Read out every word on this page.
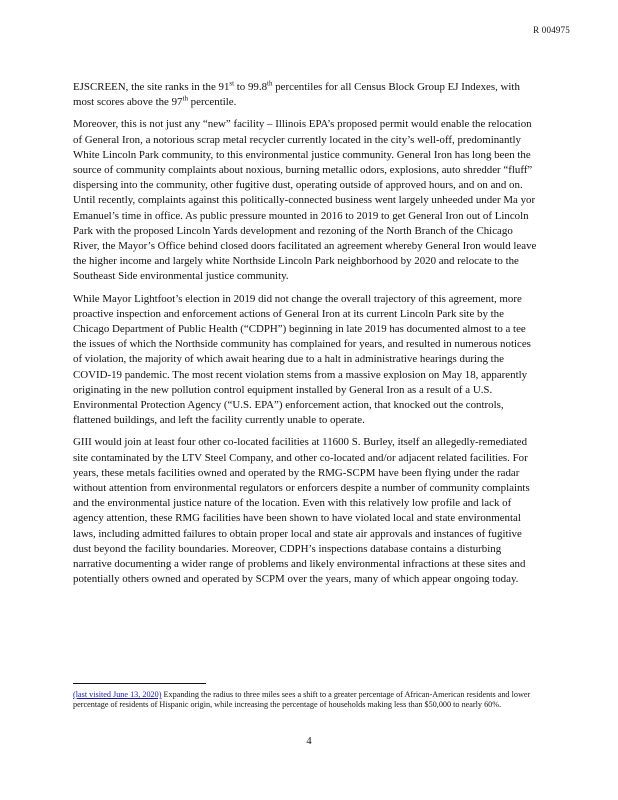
R 004975

EJSCREEN, the site ranks in the 91st to 99.8th percentiles for all Census Block Group EJ Indexes, with most scores above the 97th percentile.

Moreover, this is not just any “new” facility – Illinois EPA’s proposed permit would enable the relocation of General Iron, a notorious scrap metal recycler currently located in the city’s well-off, predominantly White Lincoln Park community, to this environmental justice community. General Iron has long been the source of community complaints about noxious, burning metallic odors, explosions, auto shredder “fluff” dispersing into the community, other fugitive dust, operating outside of approved hours, and on and on. Until recently, complaints against this politically-connected business went largely unheeded under Ma yor Emanuel’s time in office. As public pressure mounted in 2016 to 2019 to get General Iron out of Lincoln Park with the proposed Lincoln Yards development and rezoning of the North Branch of the Chicago River, the Mayor’s Office behind closed doors facilitated an agreement whereby General Iron would leave the higher income and largely white Northside Lincoln Park neighborhood by 2020 and relocate to the Southeast Side environmental justice community.

While Mayor Lightfoot’s election in 2019 did not change the overall trajectory of this agreement, more proactive inspection and enforcement actions of General Iron at its current Lincoln Park site by the Chicago Department of Public Health (“CDPH”) beginning in late 2019 has documented almost to a tee the issues of which the Northside community has complained for years, and resulted in numerous notices of violation, the majority of which await hearing due to a halt in administrative hearings during the COVID-19 pandemic. The most recent violation stems from a massive explosion on May 18, apparently originating in the new pollution control equipment installed by General Iron as a result of a U.S. Environmental Protection Agency (“U.S. EPA”) enforcement action, that knocked out the controls, flattened buildings, and left the facility currently unable to operate.

GIII would join at least four other co-located facilities at 11600 S. Burley, itself an allegedly-remediated site contaminated by the LTV Steel Company, and other co-located and/or adjacent related facilities. For years, these metals facilities owned and operated by the RMG-SCPM have been flying under the radar without attention from environmental regulators or enforcers despite a number of community complaints and the environmental justice nature of the location. Even with this relatively low profile and lack of agency attention, these RMG facilities have been shown to have violated local and state environmental laws, including admitted failures to obtain proper local and state air approvals and instances of fugitive dust beyond the facility boundaries. Moreover, CDPH’s inspections database contains a disturbing narrative documenting a wider range of problems and likely environmental infractions at these sites and potentially others owned and operated by SCPM over the years, many of which appear ongoing today.

(last visited June 13, 2020) Expanding the radius to three miles sees a shift to a greater percentage of African-American residents and lower percentage of residents of Hispanic origin, while increasing the percentage of households making less than $50,000 to nearly 60%.
4
